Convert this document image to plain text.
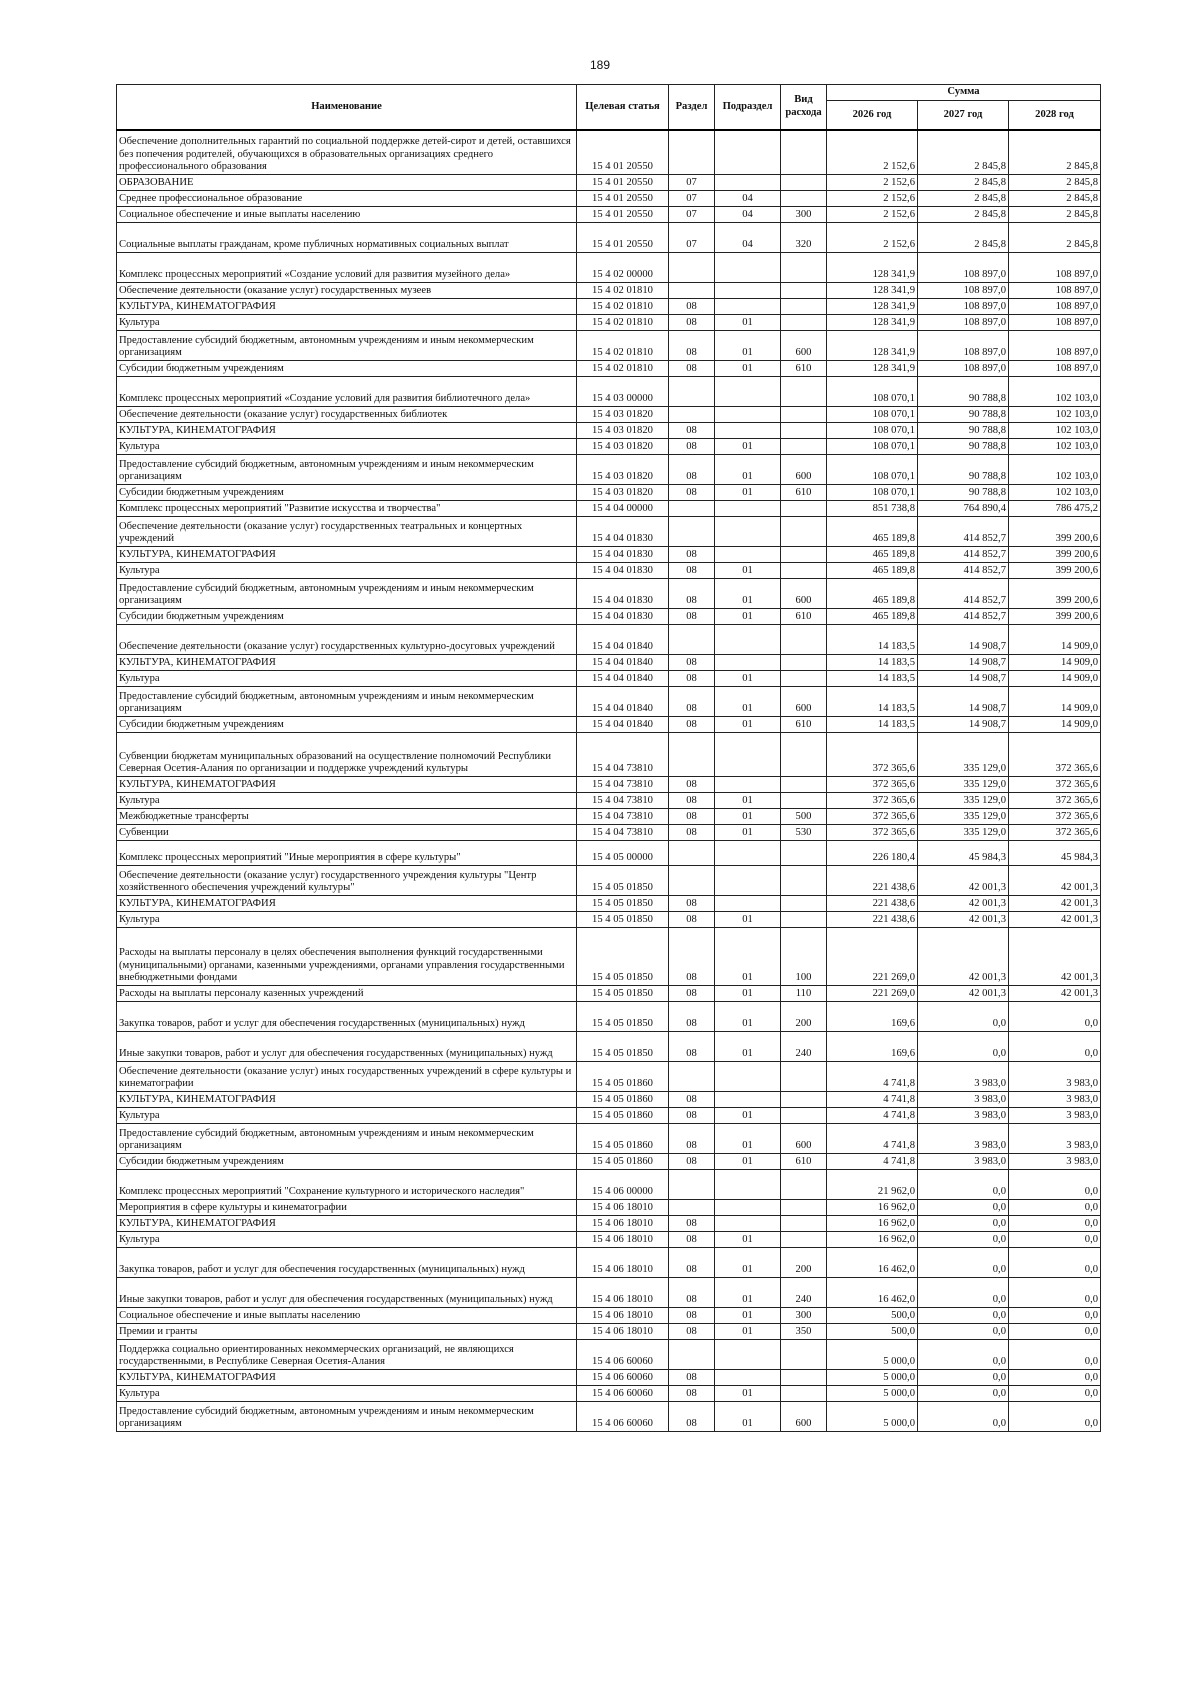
189
Наименование	Целевая статья	Раздел	Подраздел	Вид расхода	Сумма		
					2026 год	2027 год	2028 год
Обеспечение дополнительных гарантий по социальной поддержке детей-сирот и детей, оставшихся без попечения родителей, обучающихся в образовательных организациях среднего профессионального образования	15 4 01 20550				2 152,6	2 845,8	2 845,8
ОБРАЗОВАНИЕ	15 4 01 20550	07			2 152,6	2 845,8	2 845,8
Среднее профессиональное образование	15 4 01 20550	07	04		2 152,6	2 845,8	2 845,8
Социальное обеспечение и иные выплаты населению	15 4 01 20550	07	04	300	2 152,6	2 845,8	2 845,8
Социальные выплаты гражданам, кроме публичных нормативных социальных выплат	15 4 01 20550	07	04	320	2 152,6	2 845,8	2 845,8
Комплекс процессных мероприятий «Создание условий для развития музейного дела»	15 4 02 00000				128 341,9	108 897,0	108 897,0
Обеспечение деятельности (оказание услуг) государственных музеев	15 4 02 01810				128 341,9	108 897,0	108 897,0
КУЛЬТУРА, КИНЕМАТОГРАФИЯ	15 4 02 01810	08			128 341,9	108 897,0	108 897,0
Культура	15 4 02 01810	08	01		128 341,9	108 897,0	108 897,0
Предоставление субсидий бюджетным, автономным учреждениям и иным некоммерческим организациям	15 4 02 01810	08	01	600	128 341,9	108 897,0	108 897,0
Субсидии бюджетным учреждениям	15 4 02 01810	08	01	610	128 341,9	108 897,0	108 897,0
Комплекс процессных мероприятий «Создание условий для развития библиотечного дела»	15 4 03 00000				108 070,1	90 788,8	102 103,0
Обеспечение деятельности (оказание услуг) государственных библиотек	15 4 03 01820				108 070,1	90 788,8	102 103,0
КУЛЬТУРА, КИНЕМАТОГРАФИЯ	15 4 03 01820	08			108 070,1	90 788,8	102 103,0
Культура	15 4 03 01820	08	01		108 070,1	90 788,8	102 103,0
Предоставление субсидий бюджетным, автономным учреждениям и иным некоммерческим организациям	15 4 03 01820	08	01	600	108 070,1	90 788,8	102 103,0
Субсидии бюджетным учреждениям	15 4 03 01820	08	01	610	108 070,1	90 788,8	102 103,0
Комплекс процессных мероприятий "Развитие искусства и творчества"	15 4 04 00000				851 738,8	764 890,4	786 475,2
Обеспечение деятельности (оказание услуг) государственных театральных и концертных учреждений	15 4 04 01830				465 189,8	414 852,7	399 200,6
КУЛЬТУРА, КИНЕМАТОГРАФИЯ	15 4 04 01830	08			465 189,8	414 852,7	399 200,6
Культура	15 4 04 01830	08	01		465 189,8	414 852,7	399 200,6
Предоставление субсидий бюджетным, автономным учреждениям и иным некоммерческим организациям	15 4 04 01830	08	01	600	465 189,8	414 852,7	399 200,6
Субсидии бюджетным учреждениям	15 4 04 01830	08	01	610	465 189,8	414 852,7	399 200,6
Обеспечение деятельности (оказание услуг) государственных культурно-досуговых учреждений	15 4 04 01840				14 183,5	14 908,7	14 909,0
КУЛЬТУРА, КИНЕМАТОГРАФИЯ	15 4 04 01840	08			14 183,5	14 908,7	14 909,0
Культура	15 4 04 01840	08	01		14 183,5	14 908,7	14 909,0
Предоставление субсидий бюджетным, автономным учреждениям и иным некоммерческим организациям	15 4 04 01840	08	01	600	14 183,5	14 908,7	14 909,0
Субсидии бюджетным учреждениям	15 4 04 01840	08	01	610	14 183,5	14 908,7	14 909,0
Субвенции бюджетам муниципальных образований на осуществление полномочий Республики Северная Осетия-Алания по организации и поддержке учреждений культуры	15 4 04 73810				372 365,6	335 129,0	372 365,6
КУЛЬТУРА, КИНЕМАТОГРАФИЯ	15 4 04 73810	08			372 365,6	335 129,0	372 365,6
Культура	15 4 04 73810	08	01		372 365,6	335 129,0	372 365,6
Межбюджетные трансферты	15 4 04 73810	08	01	500	372 365,6	335 129,0	372 365,6
Субвенции	15 4 04 73810	08	01	530	372 365,6	335 129,0	372 365,6
Комплекс процессных мероприятий "Иные мероприятия в сфере культуры"	15 4 05 00000				226 180,4	45 984,3	45 984,3
Обеспечение деятельности (оказание услуг) государственного учреждения культуры "Центр хозяйственного обеспечения учреждений культуры"	15 4 05 01850				221 438,6	42 001,3	42 001,3
КУЛЬТУРА, КИНЕМАТОГРАФИЯ	15 4 05 01850	08			221 438,6	42 001,3	42 001,3
Культура	15 4 05 01850	08	01		221 438,6	42 001,3	42 001,3
Расходы на выплаты персоналу в целях обеспечения выполнения функций государственными (муниципальными) органами, казенными учреждениями, органами управления государственными внебюджетными фондами	15 4 05 01850	08	01	100	221 269,0	42 001,3	42 001,3
Расходы на выплаты персоналу казенных учреждений	15 4 05 01850	08	01	110	221 269,0	42 001,3	42 001,3
Закупка товаров, работ и услуг для обеспечения государственных (муниципальных) нужд	15 4 05 01850	08	01	200	169,6	0,0	0,0
Иные закупки товаров, работ и услуг для обеспечения государственных (муниципальных) нужд	15 4 05 01850	08	01	240	169,6	0,0	0,0
Обеспечение деятельности (оказание услуг) иных государственных учреждений в сфере культуры и кинематографии	15 4 05 01860				4 741,8	3 983,0	3 983,0
КУЛЬТУРА, КИНЕМАТОГРАФИЯ	15 4 05 01860	08			4 741,8	3 983,0	3 983,0
Культура	15 4 05 01860	08	01		4 741,8	3 983,0	3 983,0
Предоставление субсидий бюджетным, автономным учреждениям и иным некоммерческим организациям	15 4 05 01860	08	01	600	4 741,8	3 983,0	3 983,0
Субсидии бюджетным учреждениям	15 4 05 01860	08	01	610	4 741,8	3 983,0	3 983,0
Комплекс процессных мероприятий "Сохранение культурного и исторического наследия"	15 4 06 00000				21 962,0	0,0	0,0
Мероприятия в сфере культуры и кинематографии	15 4 06 18010				16 962,0	0,0	0,0
КУЛЬТУРА, КИНЕМАТОГРАФИЯ	15 4 06 18010	08			16 962,0	0,0	0,0
Культура	15 4 06 18010	08	01		16 962,0	0,0	0,0
Закупка товаров, работ и услуг для обеспечения государственных (муниципальных) нужд	15 4 06 18010	08	01	200	16 462,0	0,0	0,0
Иные закупки товаров, работ и услуг для обеспечения государственных (муниципальных) нужд	15 4 06 18010	08	01	240	16 462,0	0,0	0,0
Социальное обеспечение и иные выплаты населению	15 4 06 18010	08	01	300	500,0	0,0	0,0
Премии и гранты	15 4 06 18010	08	01	350	500,0	0,0	0,0
Поддержка социально ориентированных некоммерческих организаций, не являющихся государственными, в Республике Северная Осетия-Алания	15 4 06 60060				5 000,0	0,0	0,0
КУЛЬТУРА, КИНЕМАТОГРАФИЯ	15 4 06 60060	08			5 000,0	0,0	0,0
Культура	15 4 06 60060	08	01		5 000,0	0,0	0,0
Предоставление субсидий бюджетным, автономным учреждениям и иным некоммерческим организациям	15 4 06 60060	08	01	600	5 000,0	0,0	0,0
